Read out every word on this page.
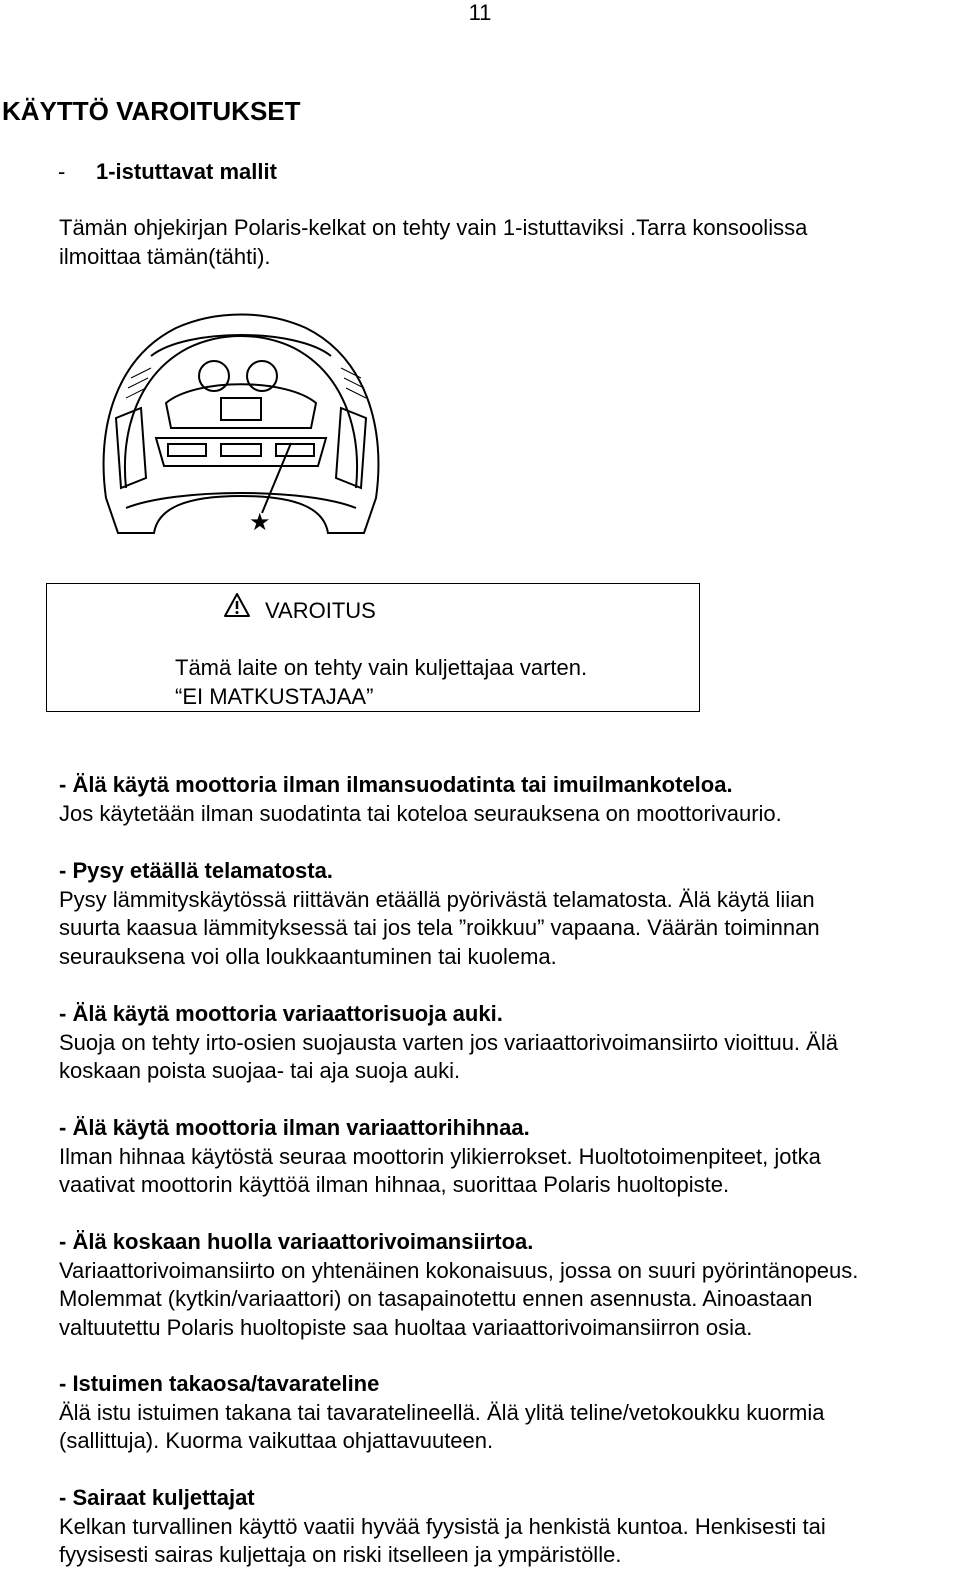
11
KÄYTTÖ VAROITUKSET
- 1-istuttavat mallit
Tämän ohjekirjan Polaris-kelkat on tehty vain 1-istuttaviksi .Tarra konsoolissa
ilmoittaa tämän(tähti).
★
VAROITUS
Tämä laite on tehty vain kuljettajaa varten.
“EI MATKUSTAJAA”
- Älä käytä moottoria ilman ilmansuodatinta tai imuilmankoteloa.
Jos käytetään ilman suodatinta tai koteloa seurauksena on moottorivaurio.
- Pysy etäällä telamatosta.
Pysy lämmityskäytössä riittävän etäällä pyörivästä telamatosta. Älä käytä liian
suurta kaasua lämmityksessä tai jos tela ”roikkuu” vapaana. Väärän toiminnan
seurauksena voi olla loukkaantuminen tai kuolema.
- Älä käytä moottoria variaattorisuoja auki.
Suoja on tehty irto-osien suojausta varten jos variaattorivoimansiirto vioittuu. Älä
koskaan poista suojaa- tai aja suoja auki.
- Älä käytä moottoria ilman variaattorihihnaa.
Ilman hihnaa käytöstä seuraa moottorin ylikierrokset. Huoltotoimenpiteet, jotka
vaativat moottorin käyttöä ilman hihnaa, suorittaa Polaris huoltopiste.
- Älä koskaan huolla variaattorivoimansiirtoa.
Variaattorivoimansiirto on yhtenäinen kokonaisuus, jossa on suuri pyörintänopeus.
Molemmat (kytkin/variaattori) on tasapainotettu ennen asennusta. Ainoastaan
valtuutettu Polaris huoltopiste saa huoltaa variaattorivoimansiirron osia.
- Istuimen takaosa/tavarateline
Älä istu istuimen takana tai tavaratelineellä. Älä ylitä teline/vetokoukku kuormia
(sallittuja). Kuorma vaikuttaa ohjattavuuteen.
- Sairaat kuljettajat
Kelkan turvallinen käyttö vaatii hyvää fyysistä ja henkistä kuntoa. Henkisesti tai
fyysisesti sairas kuljettaja on riski itselleen ja ympäristölle.
